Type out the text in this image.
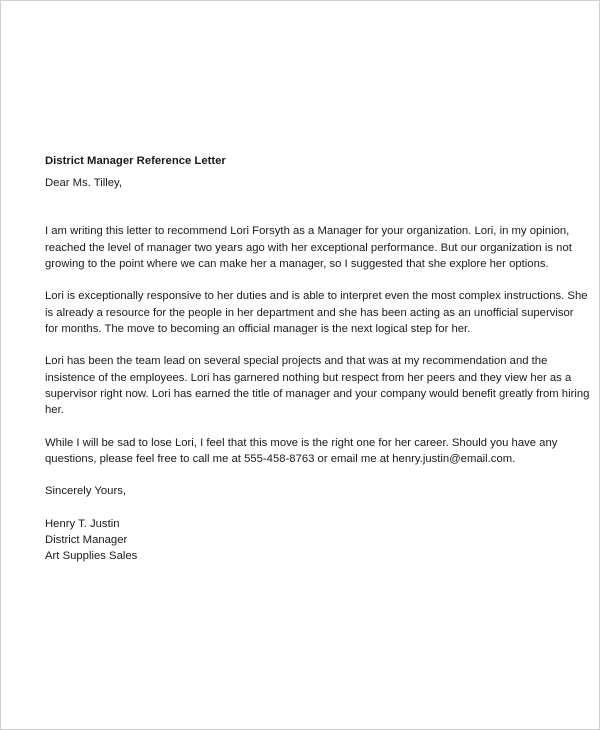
District Manager Reference Letter
Dear Ms. Tilley,
I am writing this letter to recommend Lori Forsyth as a Manager for your organization. Lori, in my opinion,
reached the level of manager two years ago with her exceptional performance. But our organization is not
growing to the point where we can make her a manager, so I suggested that she explore her options.
Lori is exceptionally responsive to her duties and is able to interpret even the most complex instructions. She
is already a resource for the people in her department and she has been acting as an unofficial supervisor
for months. The move to becoming an official manager is the next logical step for her.
Lori has been the team lead on several special projects and that was at my recommendation and the
insistence of the employees. Lori has garnered nothing but respect from her peers and they view her as a
supervisor right now. Lori has earned the title of manager and your company would benefit greatly from hiring
her.
While I will be sad to lose Lori, I feel that this move is the right one for her career. Should you have any
questions, please feel free to call me at 555-458-8763 or email me at henry.justin@email.com.
Sincerely Yours,
Henry T. Justin
District Manager
Art Supplies Sales
